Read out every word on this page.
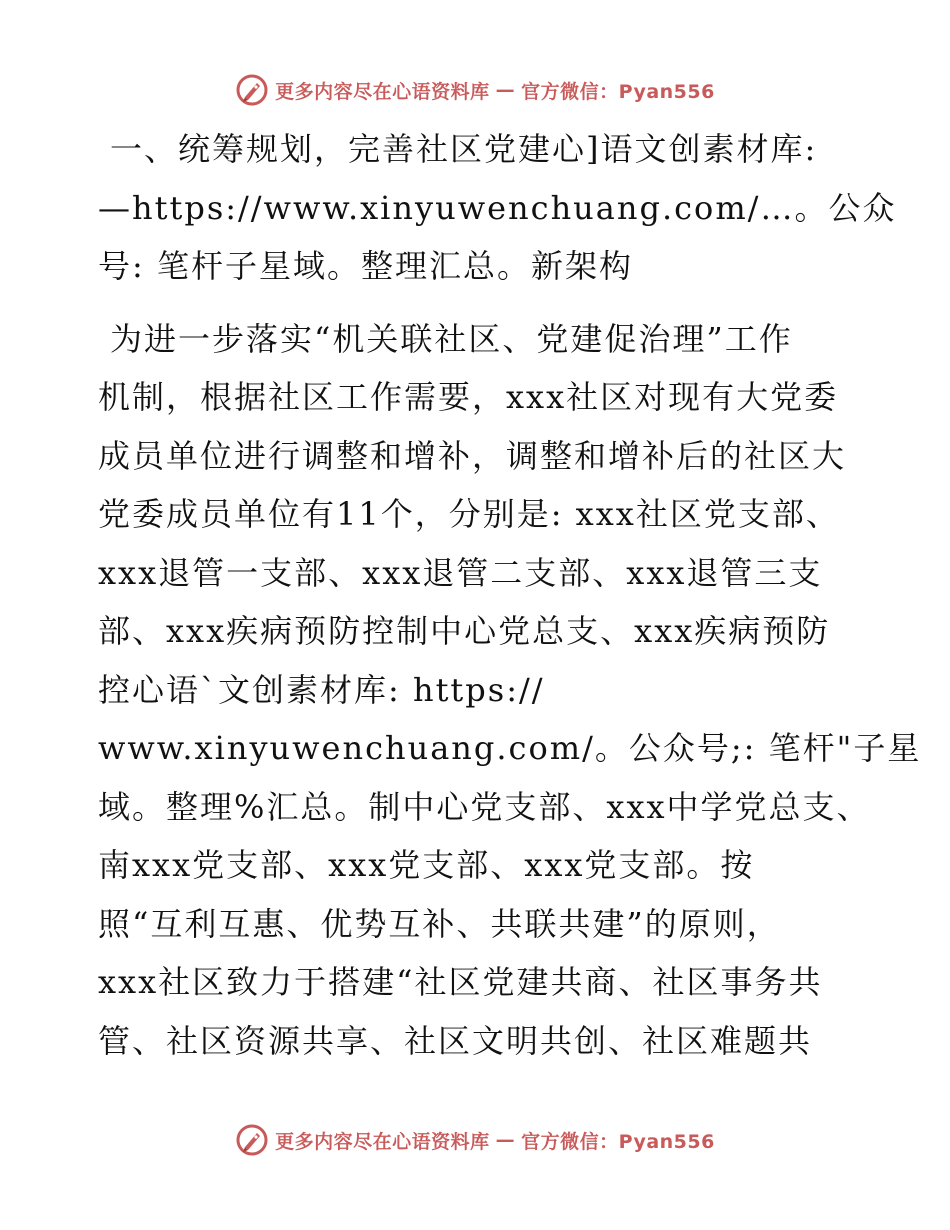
更多内容尽在心语资料库 — 官方微信：Pyan556
一、统筹规划，完善社区党建心]语文创素材库:
—https://www.xinyuwenchuang.com/…。公众
号: 笔杆子星域。整理汇总。新架构
为进一步落实“机关联社区、党建促治理”工作
机制，根据社区工作需要，xxx社区对现有大党委
成员单位进行调整和增补，调整和增补后的社区大
党委成员单位有11个，分别是: xxx社区党支部、
xxx退管一支部、xxx退管二支部、xxx退管三支
部、xxx疾病预防控制中心党总支、xxx疾病预防
控心语`文创素材库: https://
www.xinyuwenchuang.com/。公众号;: 笔杆"子星
域。整理%汇总。制中心党支部、xxx中学党总支、
南xxx党支部、xxx党支部、xxx党支部。按
照“互利互惠、优势互补、共联共建”的原则，
xxx社区致力于搭建“社区党建共商、社区事务共
管、社区资源共享、社区文明共创、社区难题共
更多内容尽在心语资料库 — 官方微信：Pyan556
